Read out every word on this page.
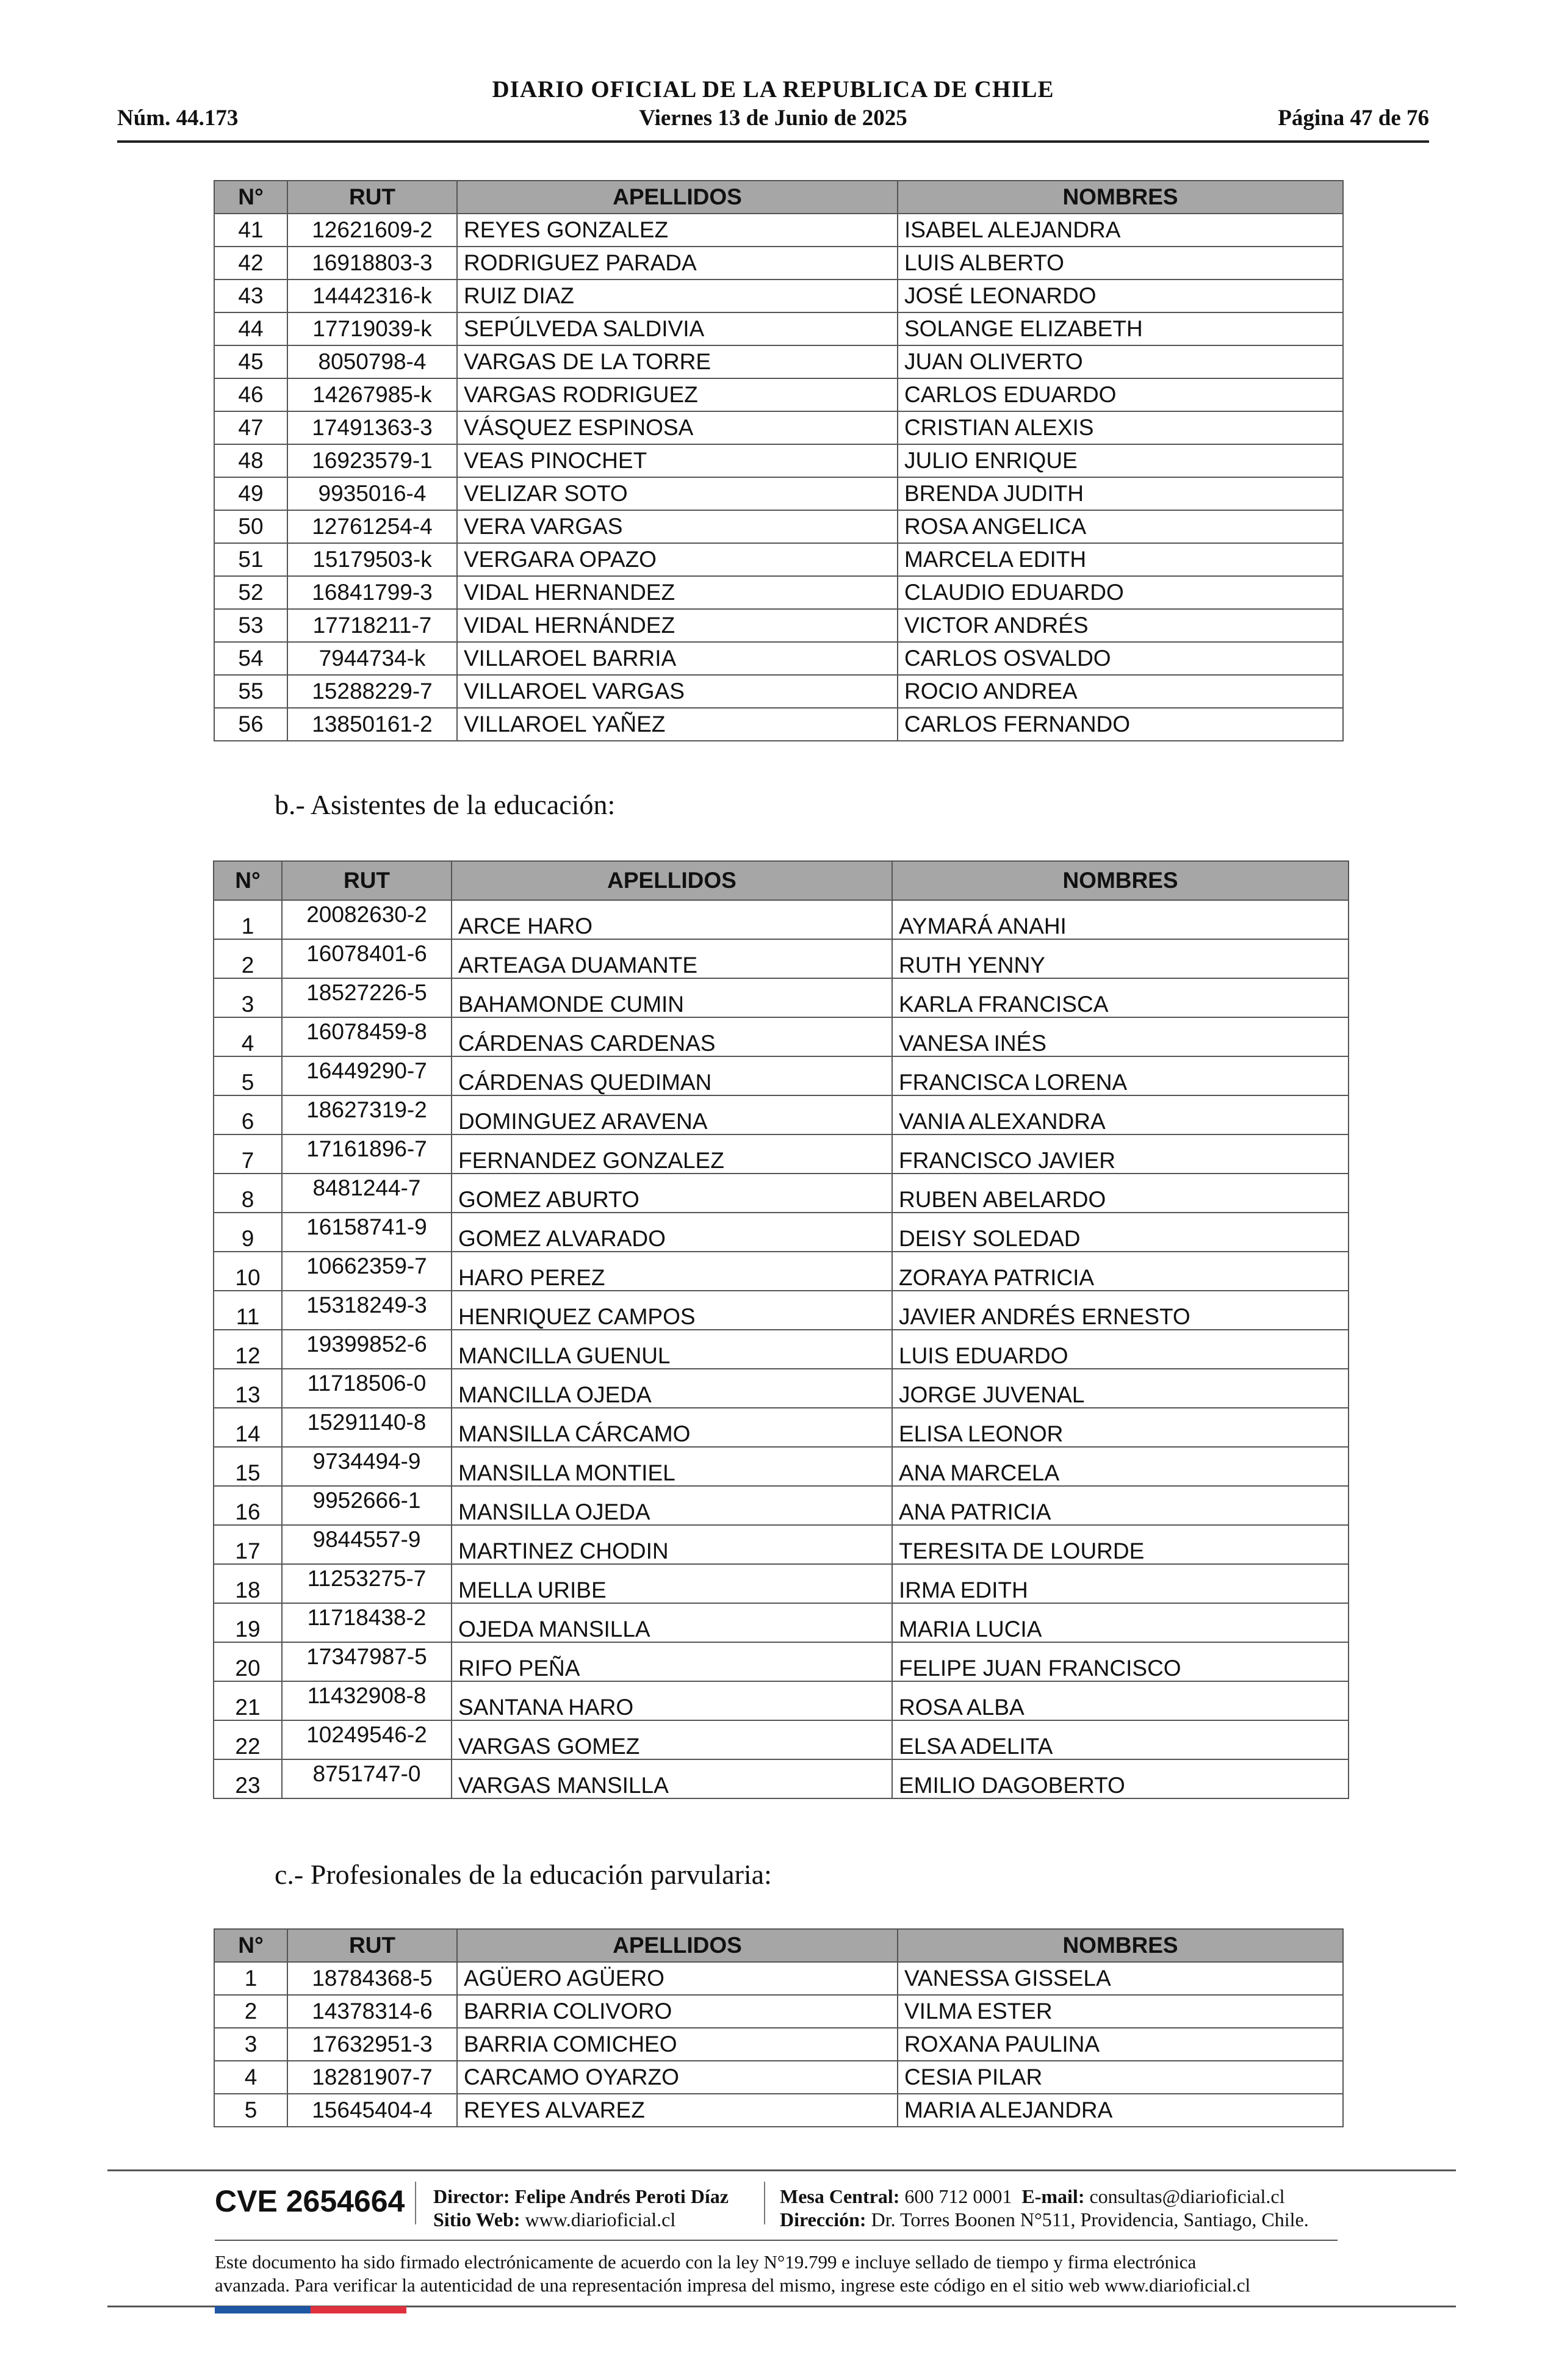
DIARIO OFICIAL DE LA REPUBLICA DE CHILE
Núm. 44.173	Viernes 13 de Junio de 2025	Página 47 de 76
N°	RUT	APELLIDOS	NOMBRES
41	12621609-2	REYES GONZALEZ	ISABEL ALEJANDRA
42	16918803-3	RODRIGUEZ PARADA	LUIS ALBERTO
43	14442316-k	RUIZ DIAZ	JOSÉ LEONARDO
44	17719039-k	SEPÚLVEDA SALDIVIA	SOLANGE ELIZABETH
45	8050798-4	VARGAS DE LA TORRE	JUAN OLIVERTO
46	14267985-k	VARGAS RODRIGUEZ	CARLOS EDUARDO
47	17491363-3	VÁSQUEZ ESPINOSA	CRISTIAN ALEXIS
48	16923579-1	VEAS PINOCHET	JULIO ENRIQUE
49	9935016-4	VELIZAR SOTO	BRENDA JUDITH
50	12761254-4	VERA VARGAS	ROSA ANGELICA
51	15179503-k	VERGARA OPAZO	MARCELA EDITH
52	16841799-3	VIDAL HERNANDEZ	CLAUDIO EDUARDO
53	17718211-7	VIDAL HERNÁNDEZ	VICTOR ANDRÉS
54	7944734-k	VILLAROEL BARRIA	CARLOS OSVALDO
55	15288229-7	VILLAROEL VARGAS	ROCIO ANDREA
56	13850161-2	VILLAROEL YAÑEZ	CARLOS FERNANDO
b.- Asistentes de la educación:
N°	RUT	APELLIDOS	NOMBRES
1	20082630-2	ARCE HARO	AYMARÁ ANAHI
2	16078401-6	ARTEAGA DUAMANTE	RUTH YENNY
3	18527226-5	BAHAMONDE CUMIN	KARLA FRANCISCA
4	16078459-8	CÁRDENAS CARDENAS	VANESA INÉS
5	16449290-7	CÁRDENAS QUEDIMAN	FRANCISCA LORENA
6	18627319-2	DOMINGUEZ ARAVENA	VANIA ALEXANDRA
7	17161896-7	FERNANDEZ GONZALEZ	FRANCISCO JAVIER
8	8481244-7	GOMEZ ABURTO	RUBEN ABELARDO
9	16158741-9	GOMEZ ALVARADO	DEISY SOLEDAD
10	10662359-7	HARO PEREZ	ZORAYA PATRICIA
11	15318249-3	HENRIQUEZ CAMPOS	JAVIER ANDRÉS ERNESTO
12	19399852-6	MANCILLA GUENUL	LUIS EDUARDO
13	11718506-0	MANCILLA OJEDA	JORGE JUVENAL
14	15291140-8	MANSILLA CÁRCAMO	ELISA LEONOR
15	9734494-9	MANSILLA MONTIEL	ANA MARCELA
16	9952666-1	MANSILLA OJEDA	ANA PATRICIA
17	9844557-9	MARTINEZ CHODIN	TERESITA DE LOURDE
18	11253275-7	MELLA URIBE	IRMA EDITH
19	11718438-2	OJEDA MANSILLA	MARIA LUCIA
20	17347987-5	RIFO PEÑA	FELIPE JUAN FRANCISCO
21	11432908-8	SANTANA HARO	ROSA ALBA
22	10249546-2	VARGAS GOMEZ	ELSA ADELITA
23	8751747-0	VARGAS MANSILLA	EMILIO DAGOBERTO
c.- Profesionales de la educación parvularia:
N°	RUT	APELLIDOS	NOMBRES
1	18784368-5	AGÜERO AGÜERO	VANESSA GISSELA
2	14378314-6	BARRIA COLIVORO	VILMA ESTER
3	17632951-3	BARRIA COMICHEO	ROXANA PAULINA
4	18281907-7	CARCAMO OYARZO	CESIA PILAR
5	15645404-4	REYES ALVAREZ	MARIA ALEJANDRA
CVE 2654664 Director: Felipe Andrés Peroti Díaz
Sitio Web: www.diarioficial.cl
Mesa Central: 600 712 0001 E-mail: consultas@diarioficial.cl
Dirección: Dr. Torres Boonen N°511, Providencia, Santiago, Chile.
Este documento ha sido firmado electrónicamente de acuerdo con la ley N°19.799 e incluye sellado de tiempo y firma electrónica
avanzada. Para verificar la autenticidad de una representación impresa del mismo, ingrese este código en el sitio web www.diarioficial.cl
